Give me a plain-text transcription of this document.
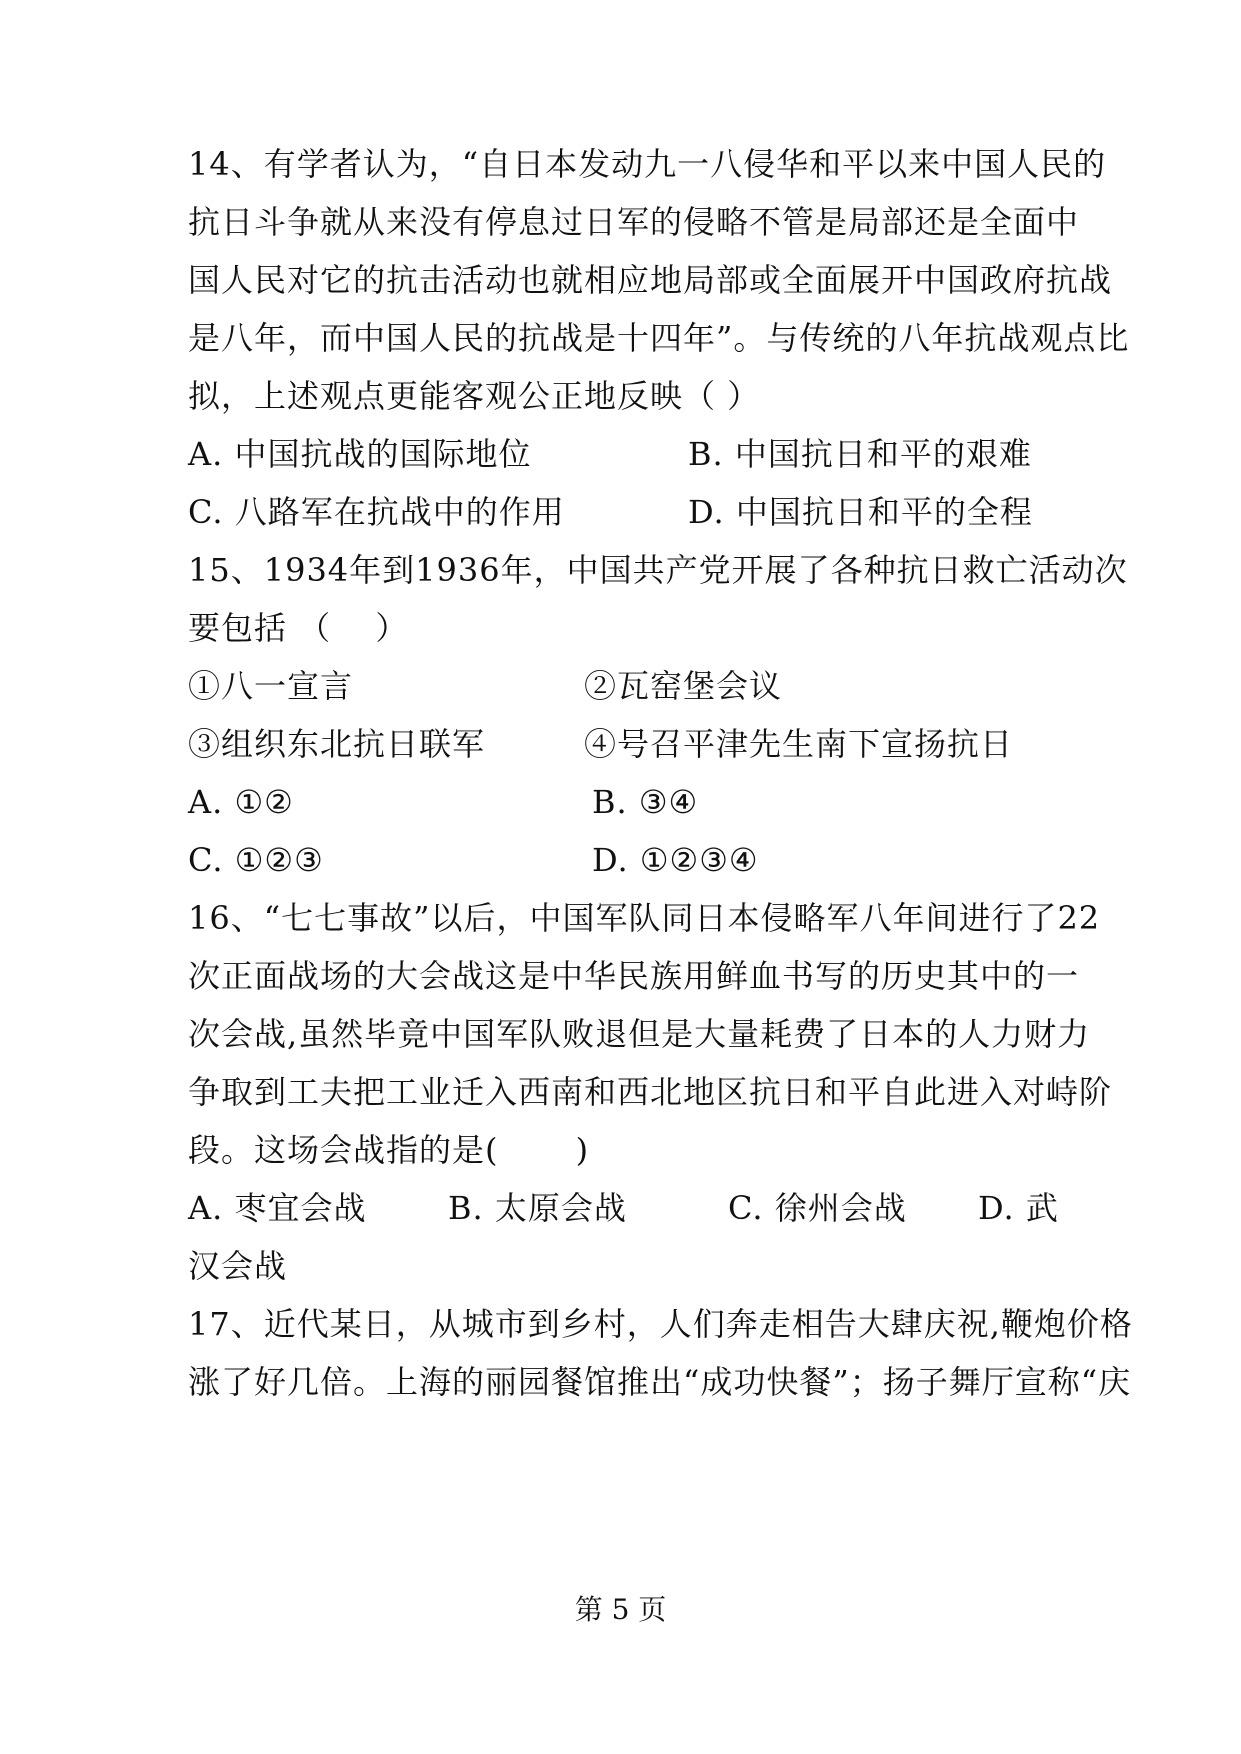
14、有学者认为，“自日本发动九一八侵华和平以来中国人民的
抗日斗争就从来没有停息过日军的侵略不管是局部还是全面中
国人民对它的抗击活动也就相应地局部或全面展开中国政府抗战
是八年，而中国人民的抗战是十四年”。与传统的八年抗战观点比
拟，上述观点更能客观公正地反映（ ）
A. 中国抗战的国际地位	B. 中国抗日和平的艰难
C. 八路军在抗战中的作用	D. 中国抗日和平的全程
15、1934年到1936年，中国共产党开展了各种抗日救亡活动次
要包括 （　 ）
①八一宣言	②瓦窑堡会议
③组织东北抗日联军	④号召平津先生南下宣扬抗日
A. ①②	B. ③④
C. ①②③	D. ①②③④
16、“七七事故”以后，中国军队同日本侵略军八年间进行了22
次正面战场的大会战这是中华民族用鲜血书写的历史其中的一
次会战,虽然毕竟中国军队败退但是大量耗费了日本的人力财力
争取到工夫把工业迁入西南和西北地区抗日和平自此进入对峙阶
段。这场会战指的是(　　 )
A. 枣宜会战	B. 太原会战	C. 徐州会战 D. 武
汉会战
17、近代某日，从城市到乡村，人们奔走相告大肆庆祝,鞭炮价格
涨了好几倍。上海的丽园餐馆推出“成功快餐”；扬子舞厅宣称“庆
第 5 页
